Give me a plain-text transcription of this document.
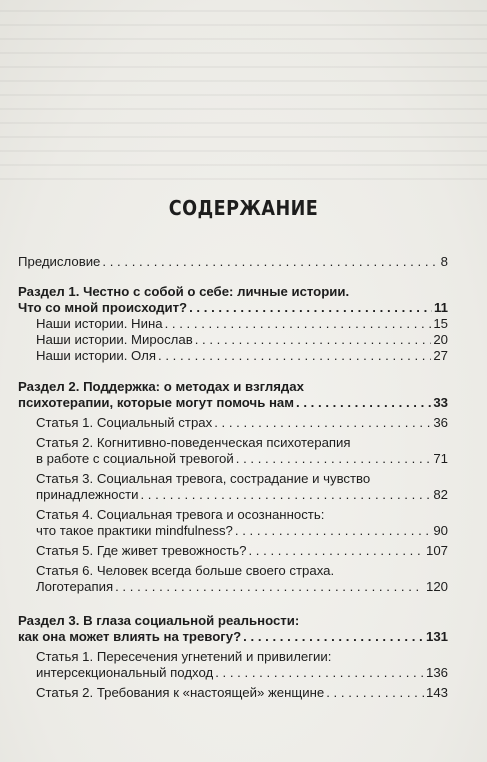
СОДЕРЖАНИЕ
Предисловие . . .	8
Раздел 1. Честно с собой о себе: личные истории.
Что со мной происходит? . . .	11
Наши истории. Нина . . .	15
Наши истории. Мирослав . . .	20
Наши истории. Оля . . .	27
Раздел 2. Поддержка: о методах и взглядах
психотерапии, которые могут помочь нам . . .	33
Статья 1. Социальный страх . . .	36
Статья 2. Когнитивно-поведенческая психотерапия
в работе с социальной тревогой . . .	71
Статья 3. Социальная тревога, сострадание и чувство
принадлежности . . .	82
Статья 4. Социальная тревога и осознанность:
что такое практики mindfulness? . . .	90
Статья 5. Где живет тревожность? . . .	107
Статья 6. Человек всегда больше своего страха.
Логотерапия . . .	120
Раздел 3. В глаза социальной реальности:
как она может влиять на тревогу? . . .	131
Статья 1. Пересечения угнетений и привилегии:
интерсекциональный подход . . .	136
Статья 2. Требования к «настоящей» женщине . . .	143
